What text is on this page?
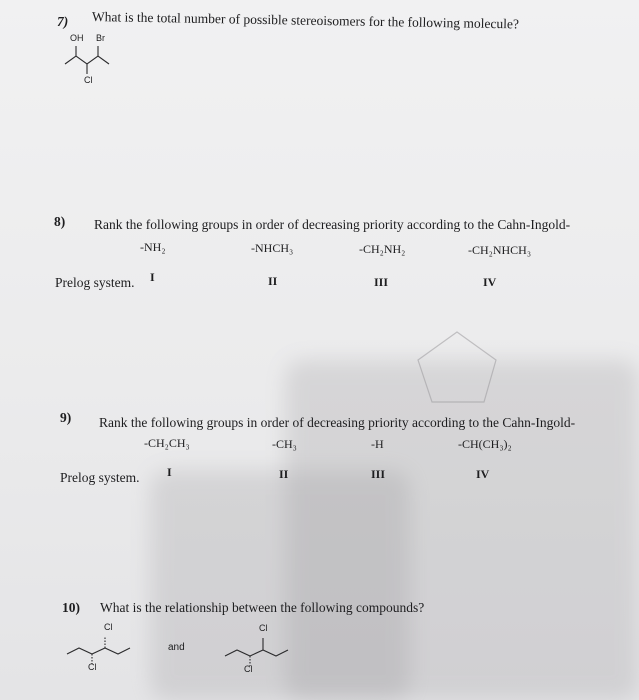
7) What is the total number of possible stereoisomers for the following molecule?
OH Br
Cl
8) Rank the following groups in order of decreasing priority according to the Cahn-Ingold-
-NH₂	-NHCH₃	-CH₂NH₂	-CH₂NHCH₃
Prelog system. I	II	III	IV
9) Rank the following groups in order of decreasing priority according to the Cahn-Ingold-
-CH₂CH₃	-CH₃	-H	-CH(CH₃)₂
Prelog system. I	II	III	IV
10) What is the relationship between the following compounds?
Cl
Cl
and
Cl
Cl
